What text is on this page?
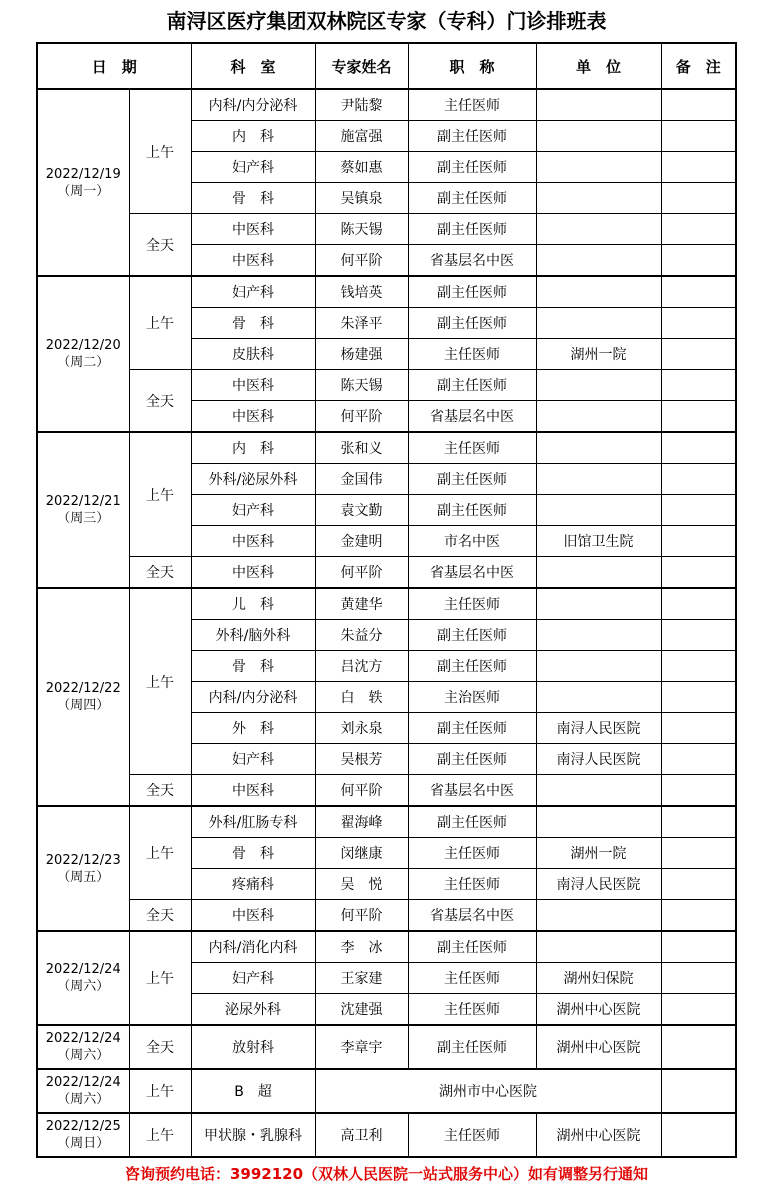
南浔区医疗集团双林院区专家（专科）门诊排班表
日　期		科　室	专家姓名	职　称	单　位	备　注

2022/12/19
（周一）	上午	内科/内分泌科	尹陆黎	主任医师		
		内　科	施富强	副主任医师		
		妇产科	蔡如惠	副主任医师		
		骨　科	吴镇泉	副主任医师		
	全天	中医科	陈天锡	副主任医师		
		中医科	何平阶	省基层名中医		

2022/12/20
（周二）	上午	妇产科	钱培英	副主任医师		
		骨　科	朱泽平	副主任医师		
		皮肤科	杨建强	主任医师	湖州一院	
	全天	中医科	陈天锡	副主任医师		
		中医科	何平阶	省基层名中医		

2022/12/21
（周三）	上午	内　科	张和义	主任医师		
		外科/泌尿外科	金国伟	副主任医师		
		妇产科	袁文勤	副主任医师		
		中医科	金建明	市名中医	旧馆卫生院	
	全天	中医科	何平阶	省基层名中医		

2022/12/22
（周四）	上午	儿　科	黄建华	主任医师		
		外科/脑外科	朱益分	副主任医师		
		骨　科	吕沈方	副主任医师		
		内科/内分泌科	白　轶	主治医师		
		外　科	刘永泉	副主任医师	南浔人民医院	
		妇产科	吴根芳	副主任医师	南浔人民医院	
	全天	中医科	何平阶	省基层名中医		

2022/12/23
（周五）	上午	外科/肛肠专科	翟海峰	副主任医师		
		骨　科	闵继康	主任医师	湖州一院	
		疼痛科	吴　悦	主任医师	南浔人民医院	
	全天	中医科	何平阶	省基层名中医		

2022/12/24
（周六）	上午	内科/消化内科	李　冰	副主任医师		
		妇产科	王家建	主任医师	湖州妇保院	
		泌尿外科	沈建强	主任医师	湖州中心医院	

2022/12/24
（周六）	全天	放射科	李章宇	副主任医师	湖州中心医院	

2022/12/24
（周六）	上午	B　超	湖州市中心医院			

2022/12/25
（周日）	上午	甲状腺・乳腺科	高卫利	主任医师	湖州中心医院	
咨询预约电话：3992120（双林人民医院一站式服务中心）如有调整另行通知
